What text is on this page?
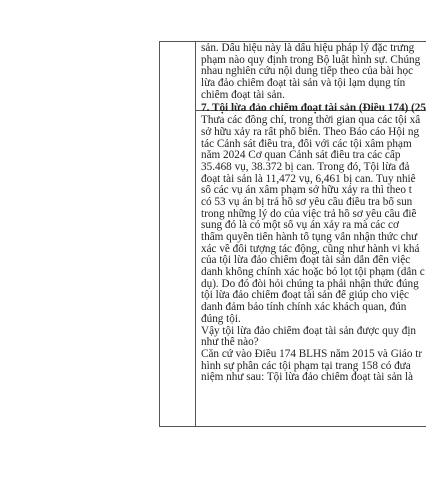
sản. Dấu hiệu này là dấu hiệu pháp lý đặc trưng
phạm nào quy định trong Bộ luật hình sự. Chúng
nhau nghiên cứu nội dung tiếp theo của bài học
lừa đảo chiếm đoạt tài sản và tội lạm dụng tín
chiếm đoạt tài sản.
7. Tội lừa đảo chiếm đoạt tài sản (Điều 174) (25
Thưa các đồng chí, trong thời gian qua các tội xâ
sở hữu xảy ra rất phổ biến. Theo Báo cáo Hội ng
tác Cảnh sát điều tra, đối với các tội xâm phạm
năm 2024 Cơ quan Cảnh sát điều tra các cấp
35.468 vụ, 38.372 bị can. Trong đó, Tội lừa đả
đoạt tài sản là 11,472 vụ, 6,461 bị can. Tuy nhiê
số các vụ án xâm phạm sở hữu xảy ra thì theo t
có 53 vụ án bị trả hồ sơ yêu cầu điều tra bổ sun
trong những lý do của việc trả hồ sơ yêu cầu điề
sung đó là có một số vụ án xảy ra mà các cơ
thẩm quyền tiến hành tố tụng vẫn nhận thức chư
xác về đối tượng tác động, cũng như hành vi khá
của tội lừa đảo chiếm đoạt tài sản dẫn đến việc
danh không chính xác hoặc bỏ lọt tội phạm (dẫn c
dụ). Do đó đòi hỏi chúng ta phải nhận thức đúng
tội lừa đảo chiếm đoạt tài sản để giúp cho việc
danh đảm bảo tính chính xác khách quan, đún
đúng tội.
Vậy tội lừa đảo chiếm đoạt tài sản được quy địn
như thế nào?
Căn cứ vào Điều 174 BLHS năm 2015 và Giáo tr
hình sự phần các tội phạm tại trang 158 có đưa
niệm như sau: Tội lừa đảo chiếm đoạt tài sản là
